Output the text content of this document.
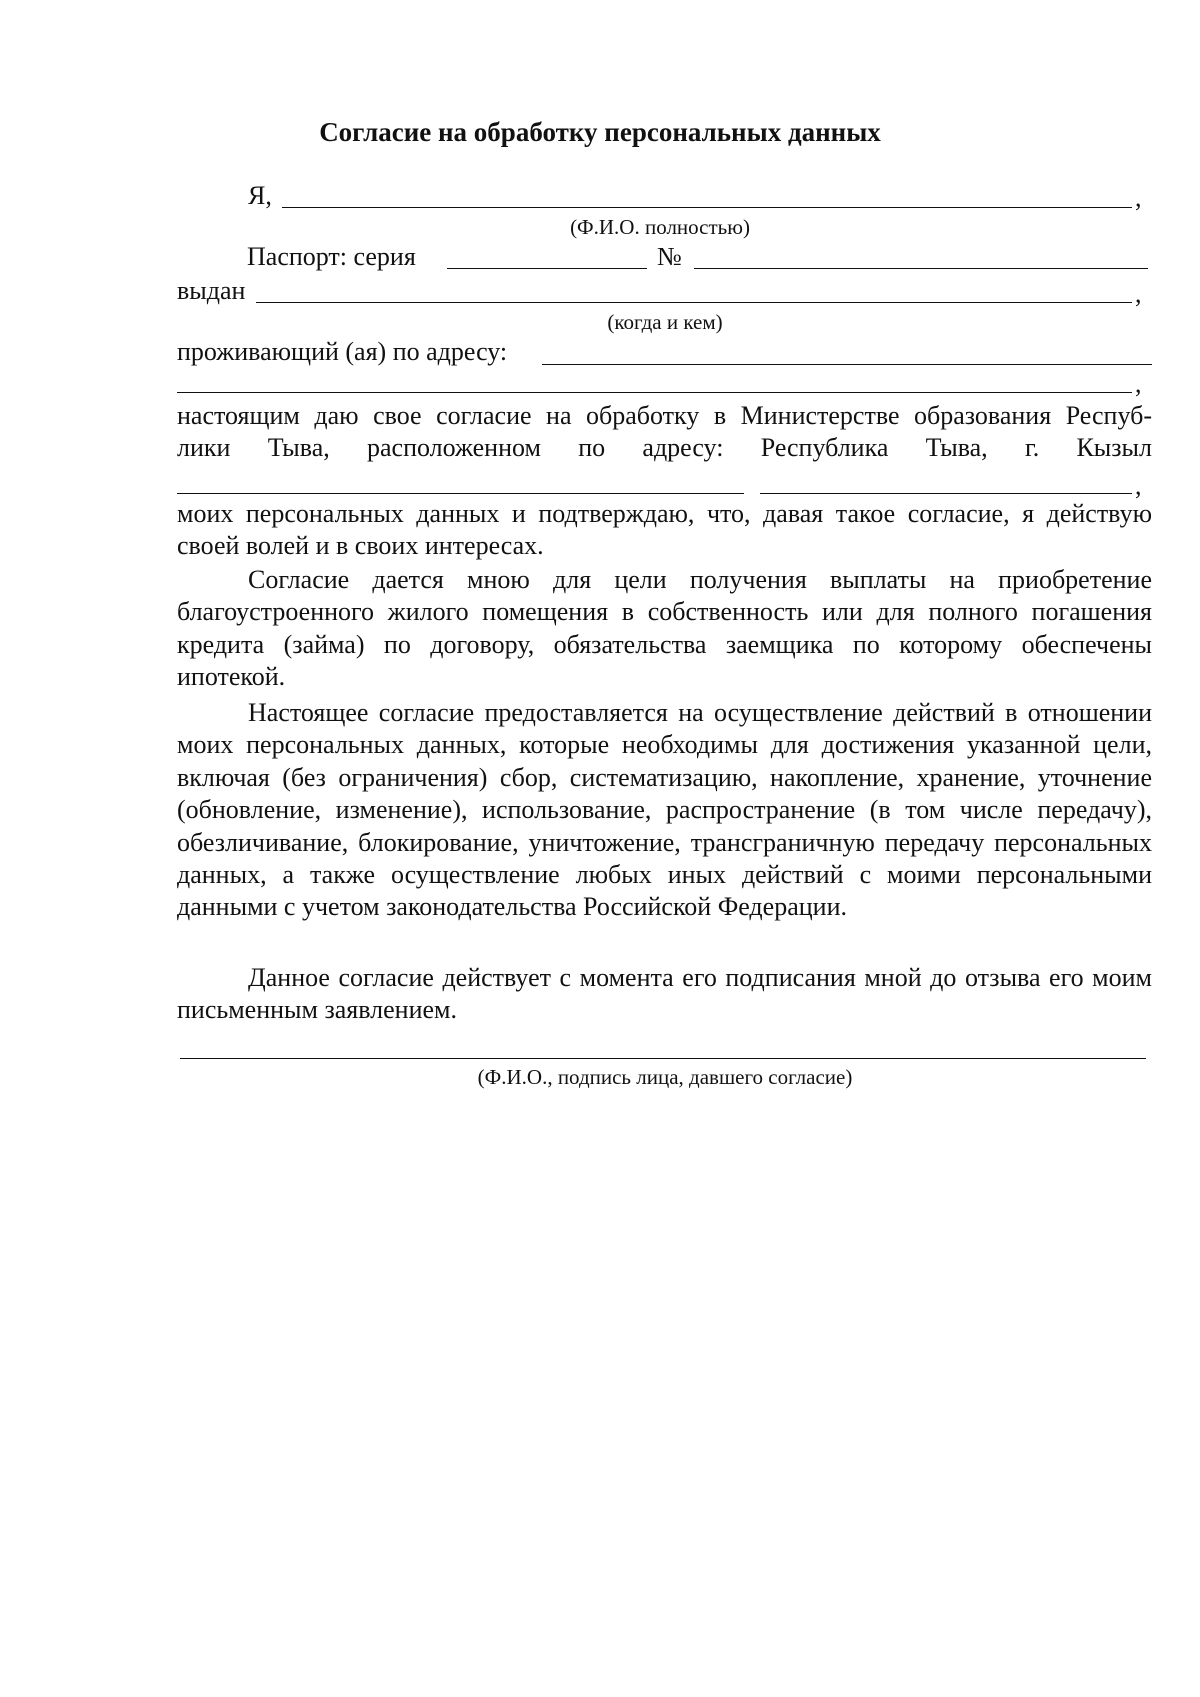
Согласие на обработку персональных данных
Я,	,
(Ф.И.О. полностью)
Паспорт: серия	№
выдан	,
(когда и кем)
проживающий (ая) по адресу:
,
настоящим даю свое согласие на обработку в Министерстве образования Респуб-
лики Тыва, расположенном по адресу: Республика Тыва, г. Кызыл
,
моих персональных данных и подтверждаю, что, давая такое согласие, я действую своей волей и в своих интересах.
Согласие дается мною для цели получения выплаты на приобретение благоустроенного жилого помещения в собственность или для полного погашения кредита (займа) по договору, обязательства заемщика по которому обеспечены ипотекой.
Настоящее согласие предоставляется на осуществление действий в отношении моих персональных данных, которые необходимы для достижения указанной цели, включая (без ограничения) сбор, систематизацию, накопление, хранение, уточнение (обновление, изменение), использование, распространение (в том числе передачу), обезличивание, блокирование, уничтожение, трансграничную передачу персональных данных, а также осуществление любых иных действий с моими персональными данными с учетом законодательства Российской Федерации.
Данное согласие действует с момента его подписания мной до отзыва его моим письменным заявлением.
(Ф.И.О., подпись лица, давшего согласие)
